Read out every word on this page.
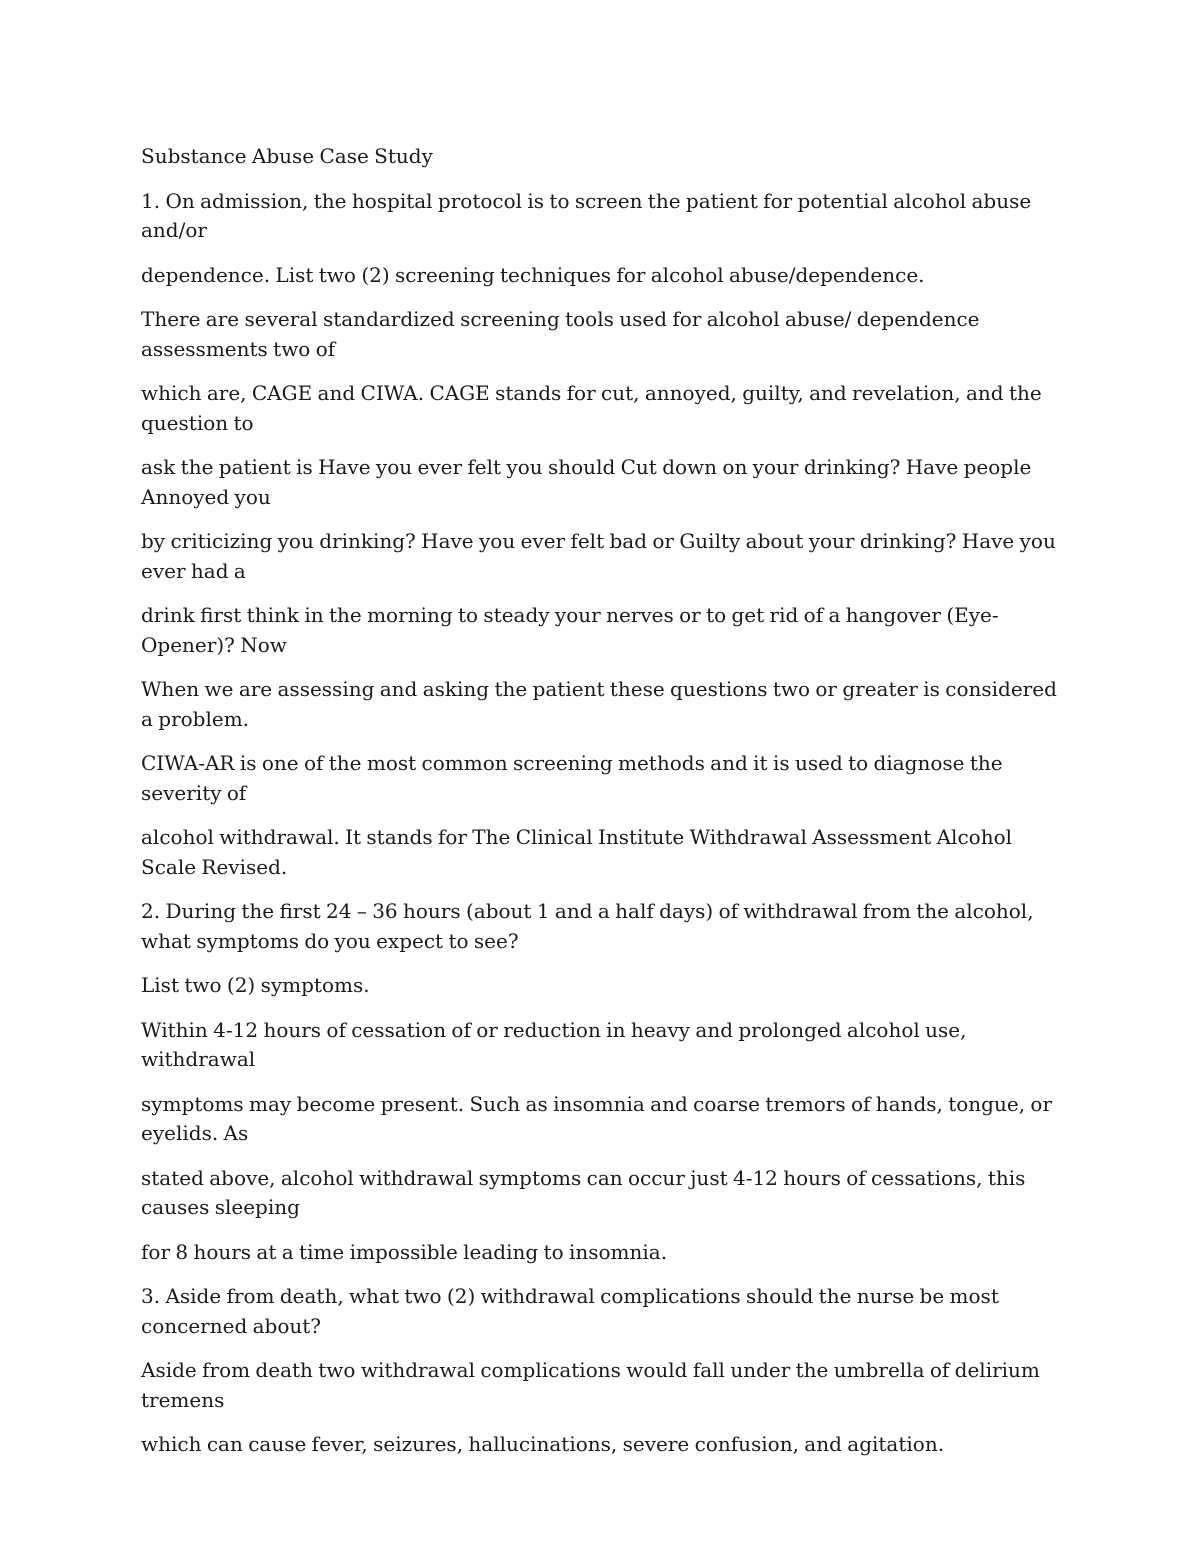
Substance Abuse Case Study

1. On admission, the hospital protocol is to screen the patient for potential alcohol abuse and/or

dependence. List two (2) screening techniques for alcohol abuse/dependence.

There are several standardized screening tools used for alcohol abuse/ dependence assessments two of

which are, CAGE and CIWA. CAGE stands for cut, annoyed, guilty, and revelation, and the question to

ask the patient is Have you ever felt you should Cut down on your drinking? Have people Annoyed you

by criticizing you drinking? Have you ever felt bad or Guilty about your drinking? Have you ever had a

drink first think in the morning to steady your nerves or to get rid of a hangover (Eye-Opener)? Now

When we are assessing and asking the patient these questions two or greater is considered a problem.

CIWA-AR is one of the most common screening methods and it is used to diagnose the severity of

alcohol withdrawal. It stands for The Clinical Institute Withdrawal Assessment Alcohol Scale Revised.

2. During the first 24 – 36 hours (about 1 and a half days) of withdrawal from the alcohol, what symptoms do you expect to see?

List two (2) symptoms.

Within 4-12 hours of cessation of or reduction in heavy and prolonged alcohol use, withdrawal

symptoms may become present. Such as insomnia and coarse tremors of hands, tongue, or eyelids. As

stated above, alcohol withdrawal symptoms can occur just 4-12 hours of cessations, this causes sleeping

for 8 hours at a time impossible leading to insomnia.

3. Aside from death, what two (2) withdrawal complications should the nurse be most concerned about?

Aside from death two withdrawal complications would fall under the umbrella of delirium tremens

which can cause fever, seizures, hallucinations, severe confusion, and agitation.
